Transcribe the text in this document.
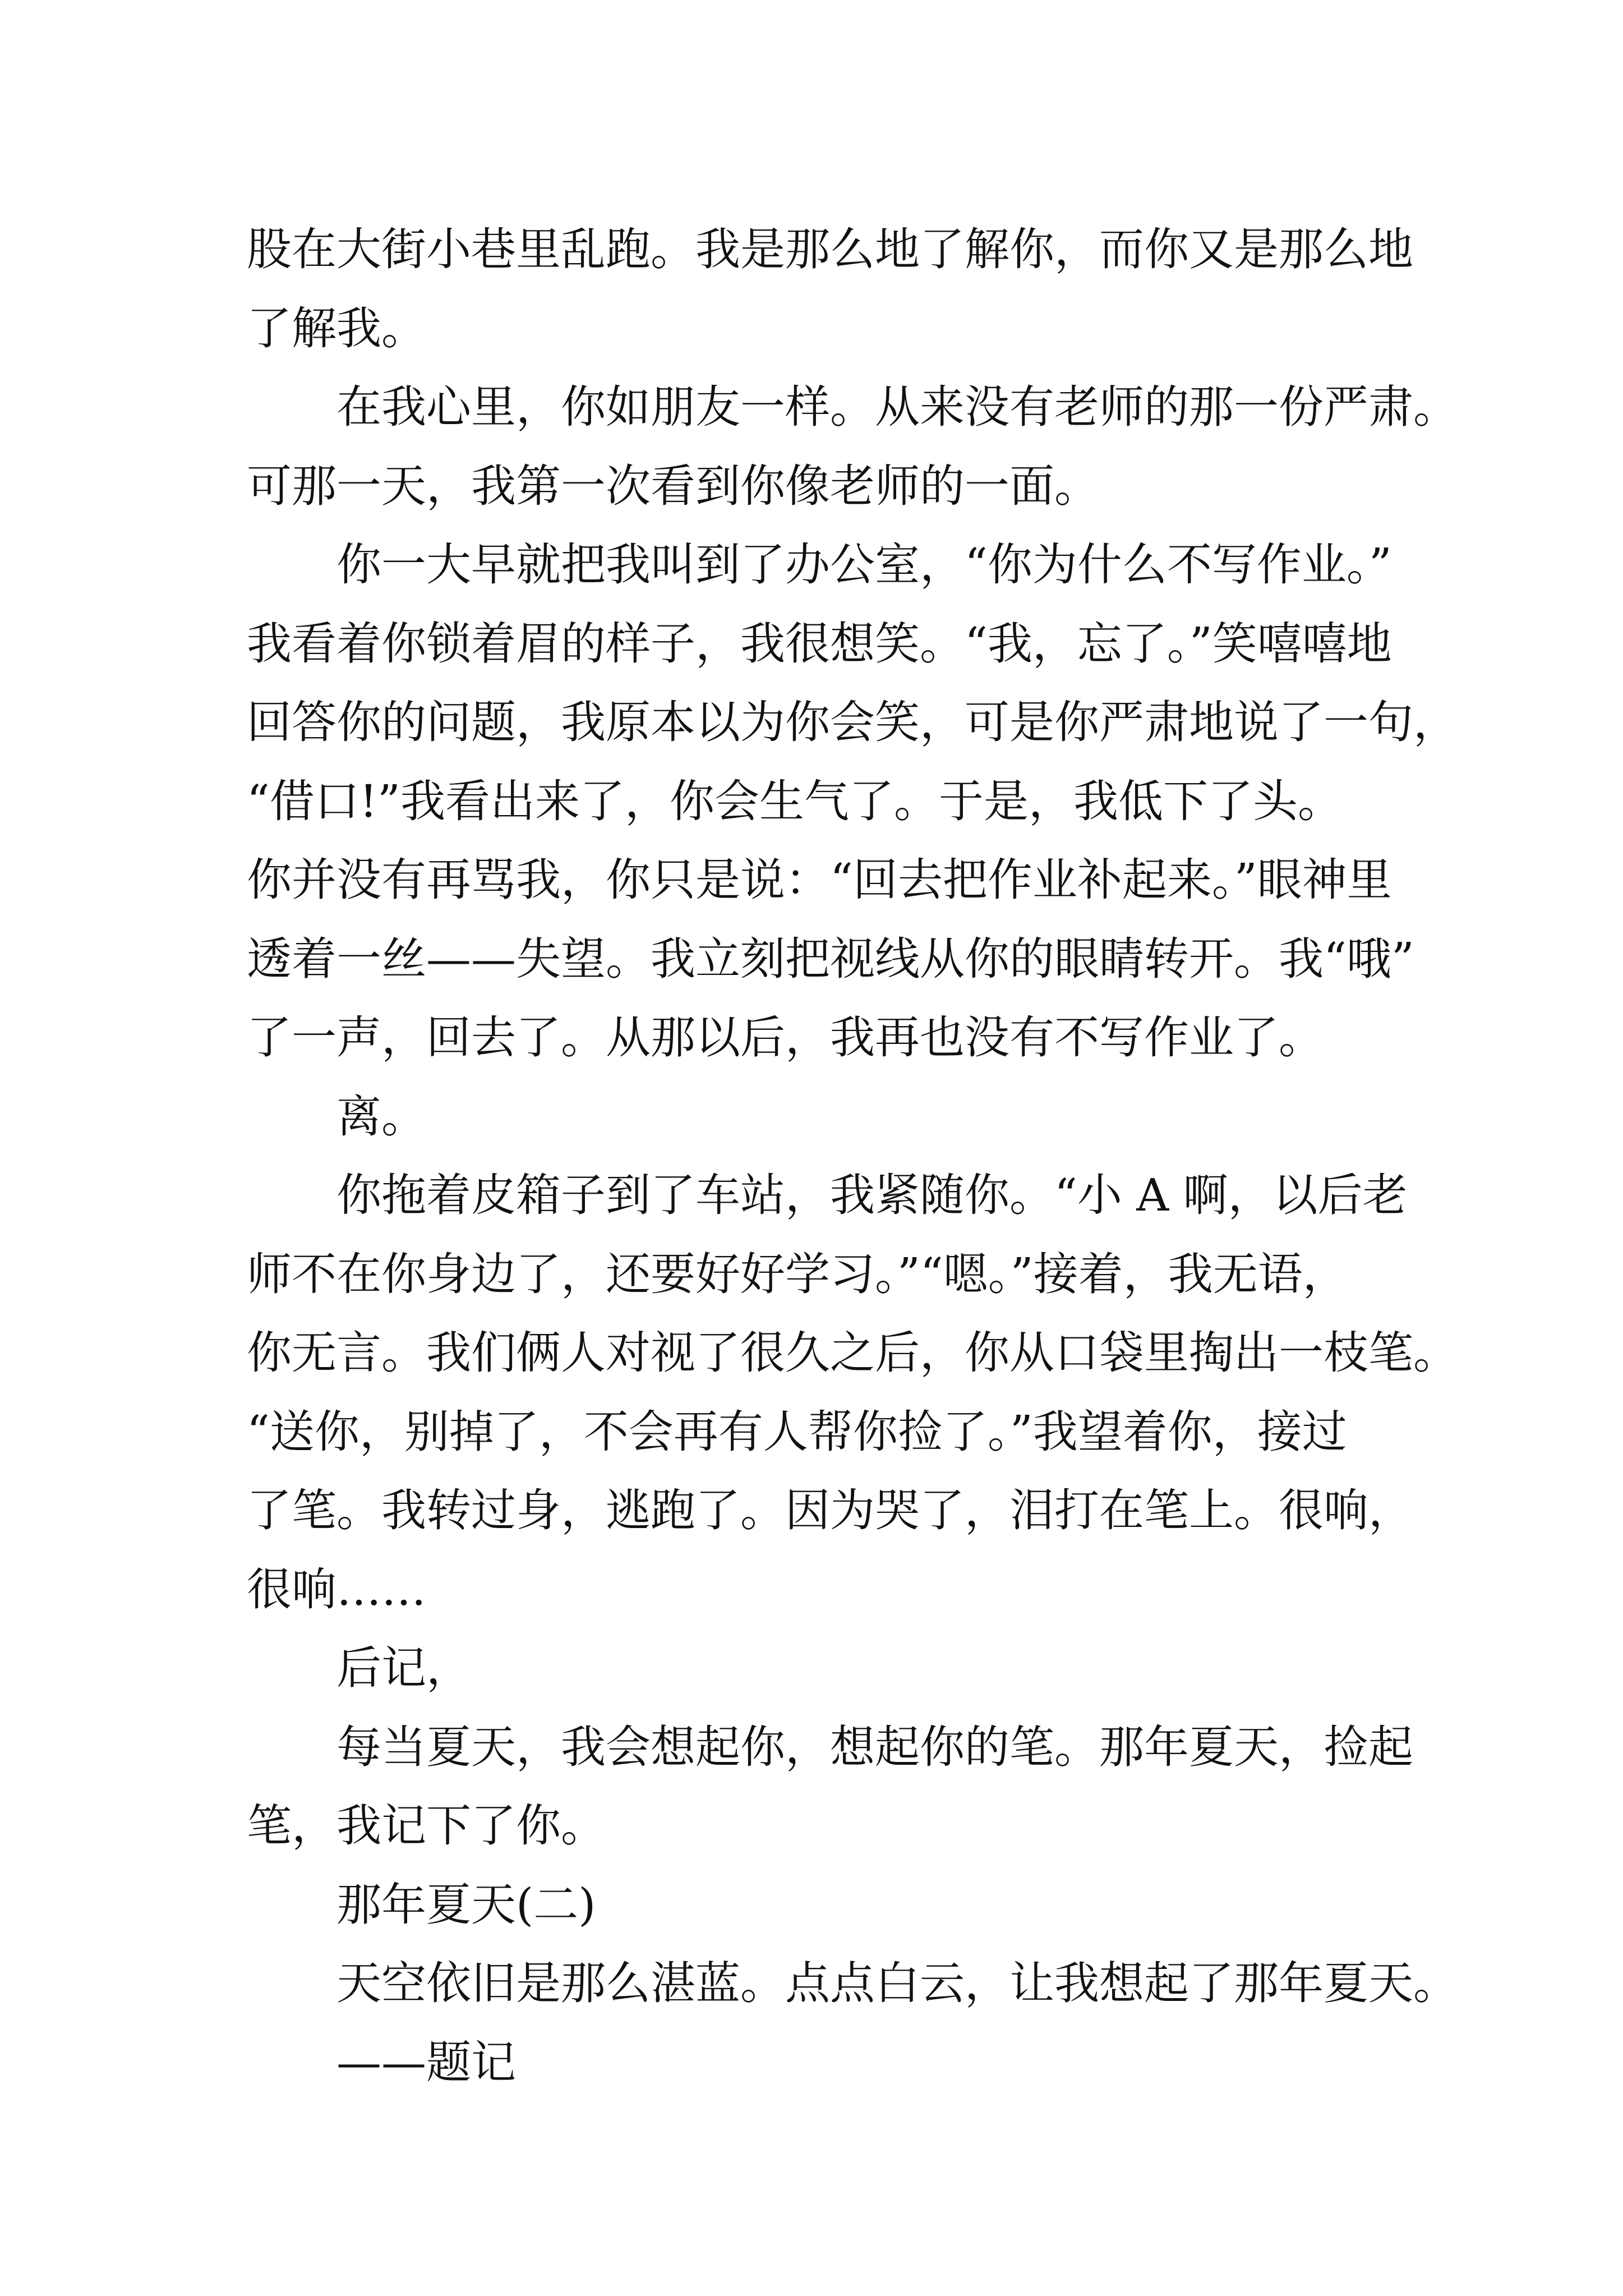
股在大街小巷里乱跑。我是那么地了解你，而你又是那么地
了解我。
在我心里，你如朋友一样。从来没有老师的那一份严肃。
可那一天，我第一次看到你像老师的一面。
你一大早就把我叫到了办公室，“你为什么不写作业。”
我看着你锁着眉的样子，我很想笑。“我，忘了。”笑嘻嘻地
回答你的问题，我原本以为你会笑，可是你严肃地说了一句，
“借口!”我看出来了，你会生气了。于是，我低下了头。
你并没有再骂我，你只是说：“回去把作业补起来。”眼神里
透着一丝——失望。我立刻把视线从你的眼睛转开。我“哦”
了一声，回去了。从那以后，我再也没有不写作业了。
离。
你拖着皮箱子到了车站，我紧随你。“小 A 啊，以后老
师不在你身边了，还要好好学习。”“嗯。”接着，我无语，
你无言。我们俩人对视了很久之后，你从口袋里掏出一枝笔。
“送你，别掉了，不会再有人帮你捡了。”我望着你，接过
了笔。我转过身，逃跑了。因为哭了，泪打在笔上。很响，
很响……
后记，
每当夏天，我会想起你，想起你的笔。那年夏天，捡起
笔，我记下了你。
那年夏天(二)
天空依旧是那么湛蓝。点点白云，让我想起了那年夏天。
——题记
